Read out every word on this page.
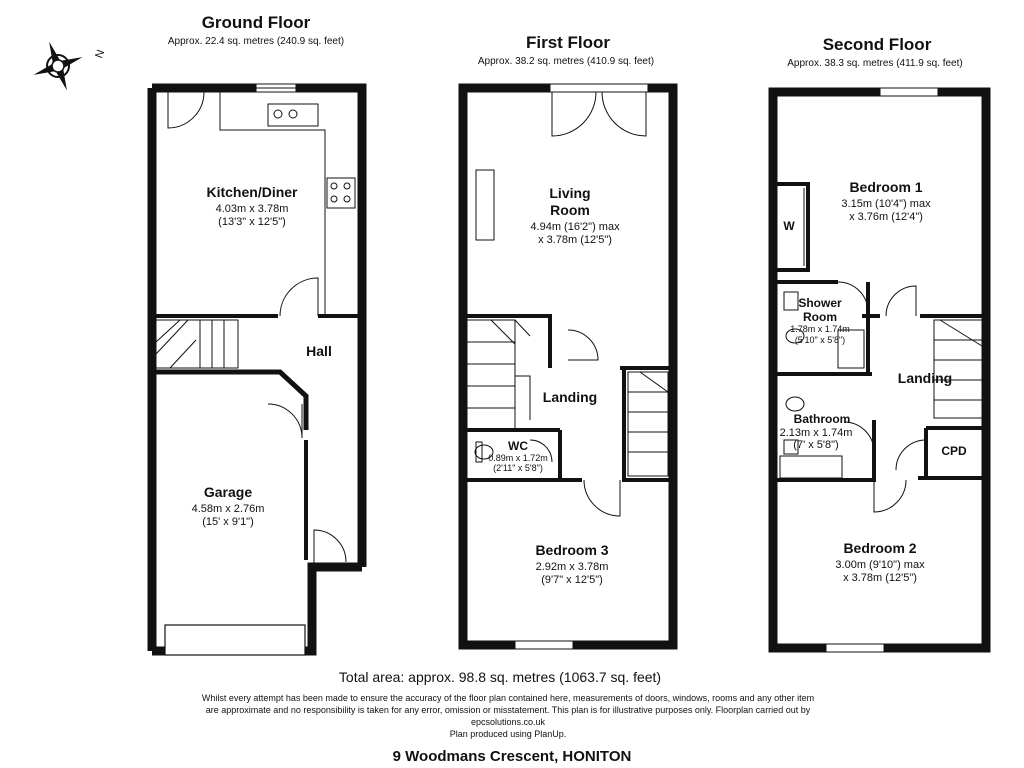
N
Ground Floor
Approx. 22.4 sq. metres (240.9 sq. feet)	First Floor
Approx. 38.2 sq. metres (410.9 sq. feet)
Second Floor
Approx. 38.3 sq. metres (411.9 sq. feet)
Kitchen/Diner
4.03m x 3.78m
(13'3" x 12'5")
Hall
Garage
4.58m x 2.76m
(15' x 9'1")
Living
Room
4.94m (16'2") max
x 3.78m (12'5")
Landing
WC
0.89m x 1.72m
(2'11" x 5'8")
Bedroom 3
2.92m x 3.78m
(9'7" x 12'5")
Bedroom 1
3.15m (10'4") max
x 3.76m (12'4")
W
Shower
Room
1.78m x 1.74m
(5'10" x 5'8")
Landing
Bathroom
2.13m x 1.74m
(7' x 5'8")	CPD
Bedroom 2
3.00m (9'10") max
x 3.78m (12'5")
Total area: approx. 98.8 sq. metres (1063.7 sq. feet)
Whilst every attempt has been made to ensure the accuracy of the floor plan contained here, measurements of doors, windows, rooms and any other item
are approximate and no responsibility is taken for any error, omission or misstatement. This plan is for illustrative purposes only. Floorplan carried out by
epcsolutions.co.uk
Plan produced using PlanUp.
9 Woodmans Crescent, HONITON
